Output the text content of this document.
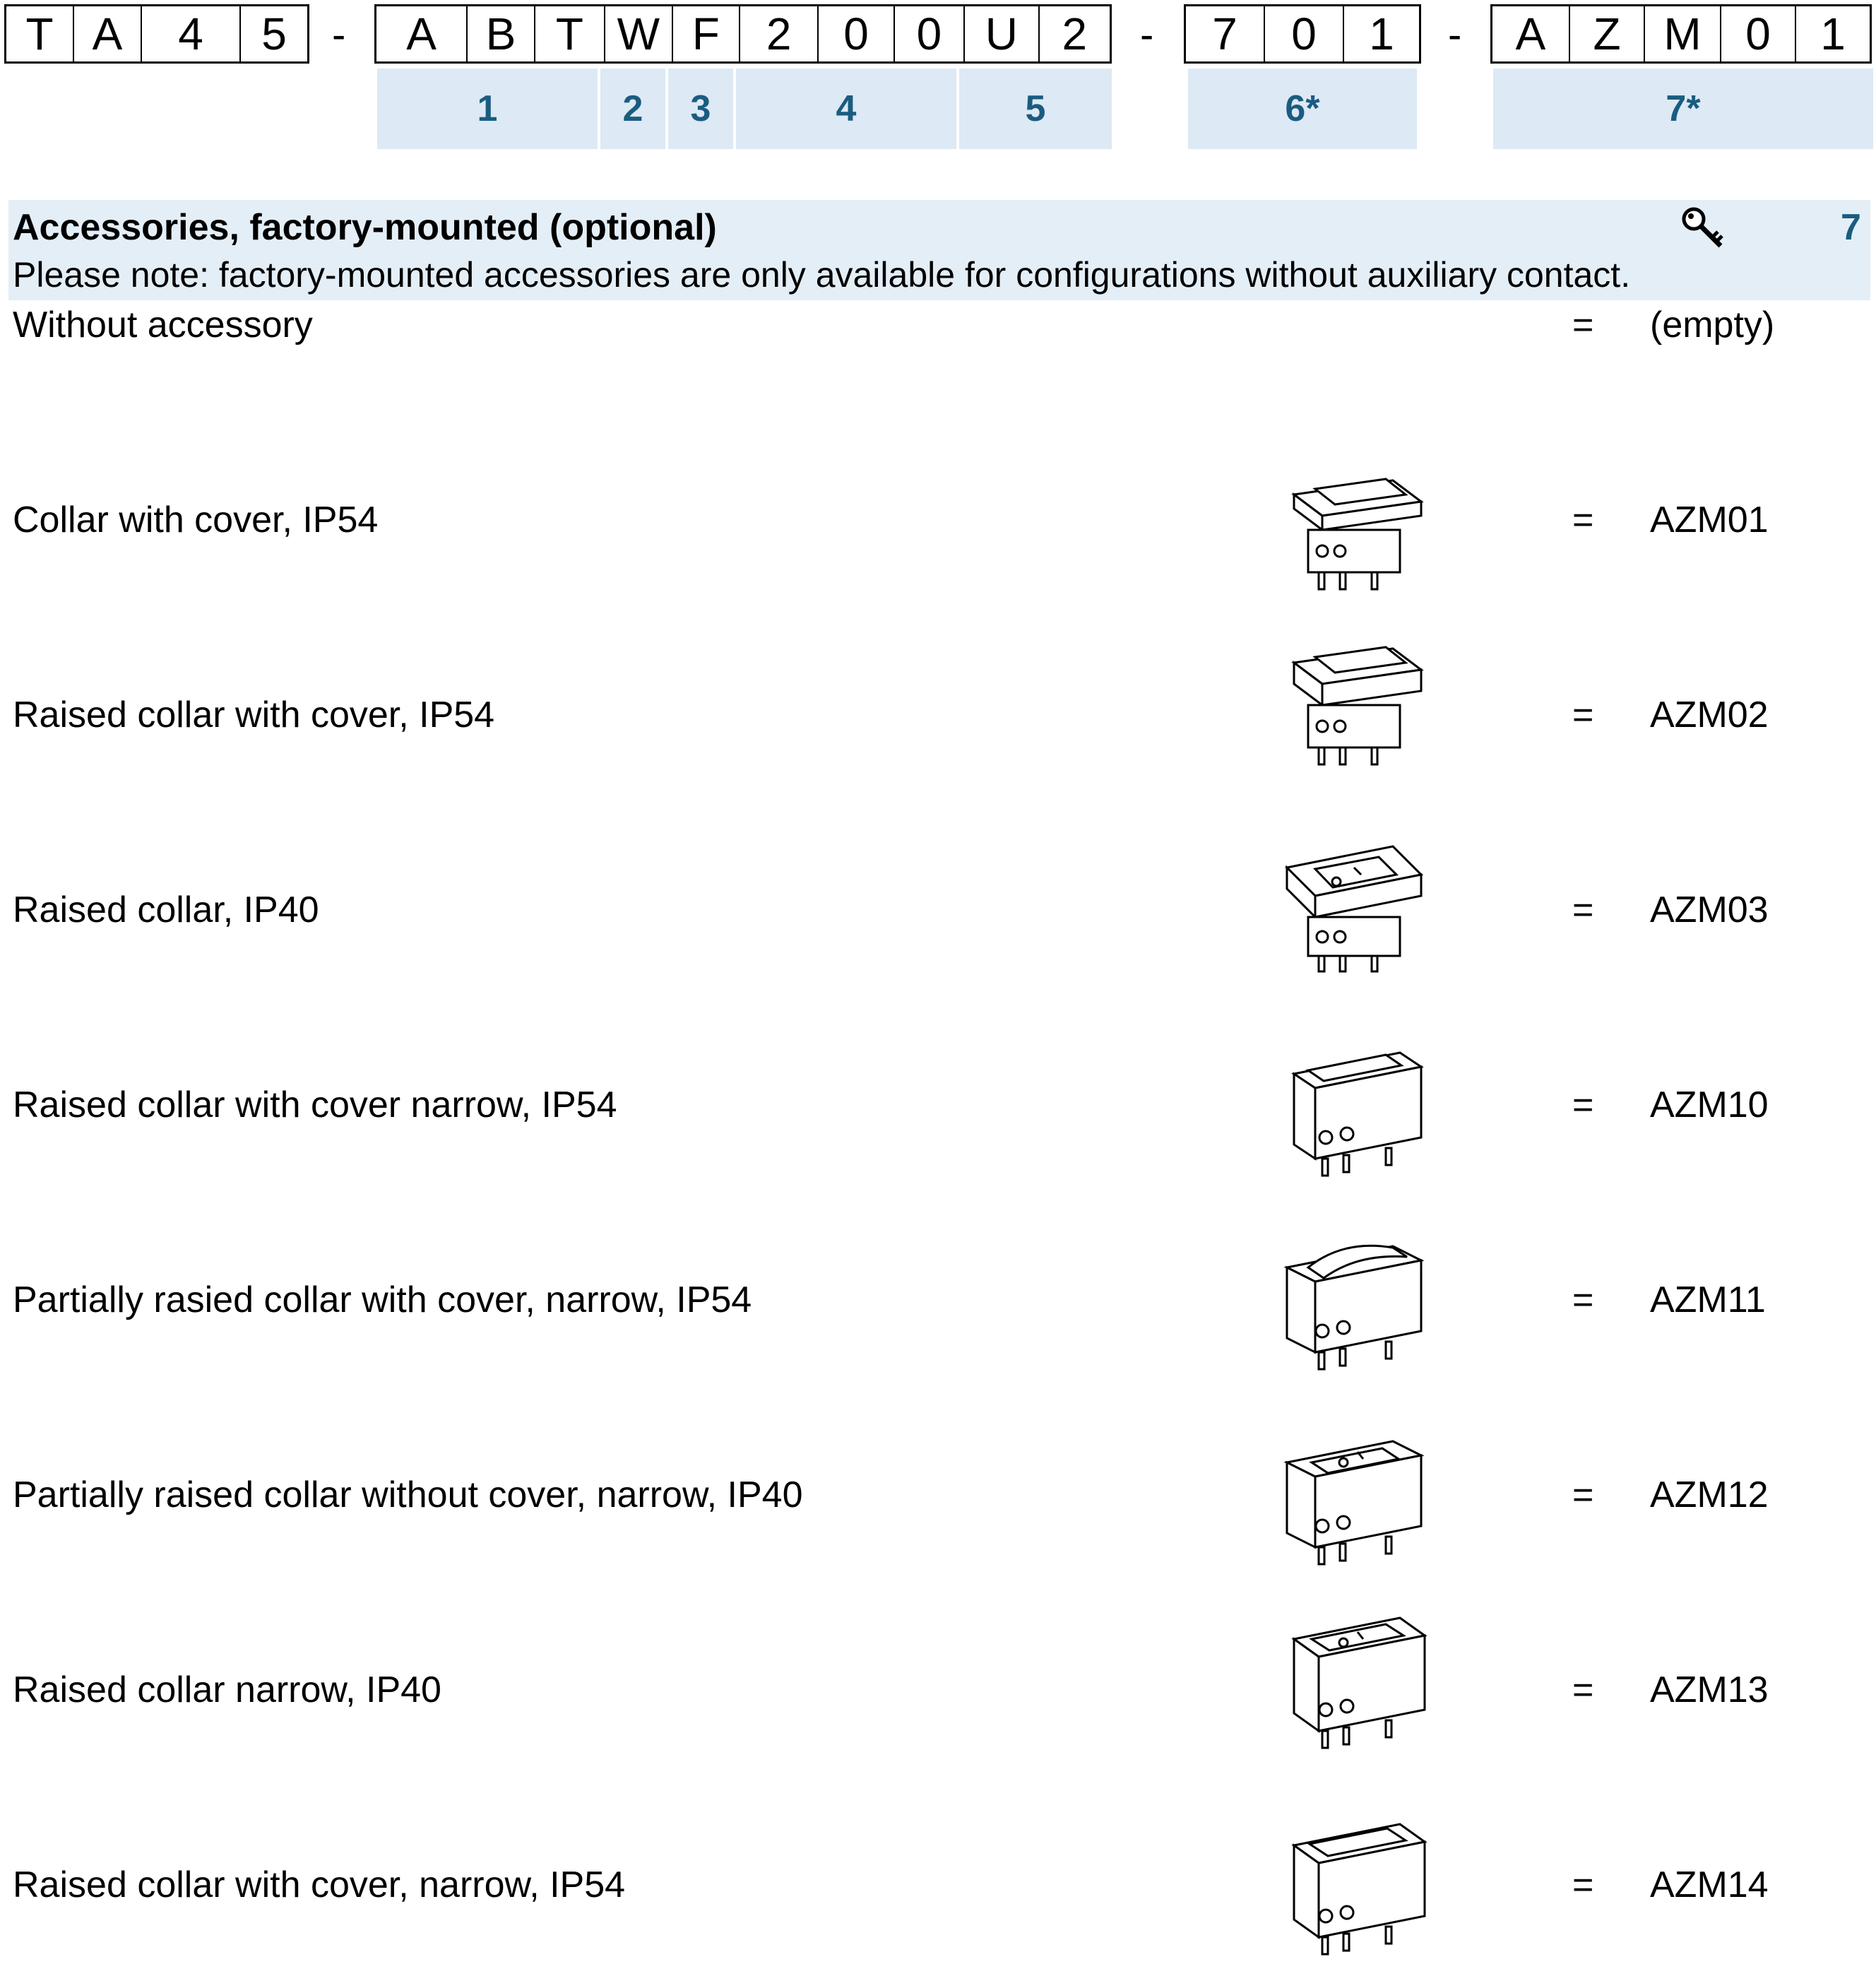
T A	4	5	-	A	B T W F	2	0	0 U 2	-	7	0	1	-	A	Z M 0	1
1	2	3	4	5	6*	7*
Accessories, factory-mounted (optional)	7
Please note: factory-mounted accessories are only available for configurations without auxiliary contact.
Without accessory	= (empty)
Collar with cover, IP54	= AZM01
Raised collar with cover, IP54	= AZM02
Raised collar, IP40	= AZM03
Raised collar with cover narrow, IP54	= AZM10
Partially rasied collar with cover, narrow, IP54	= AZM11
Partially raised collar without cover, narrow, IP40	= AZM12
Raised collar narrow, IP40	= AZM13
Raised collar with cover, narrow, IP54	= AZM14
